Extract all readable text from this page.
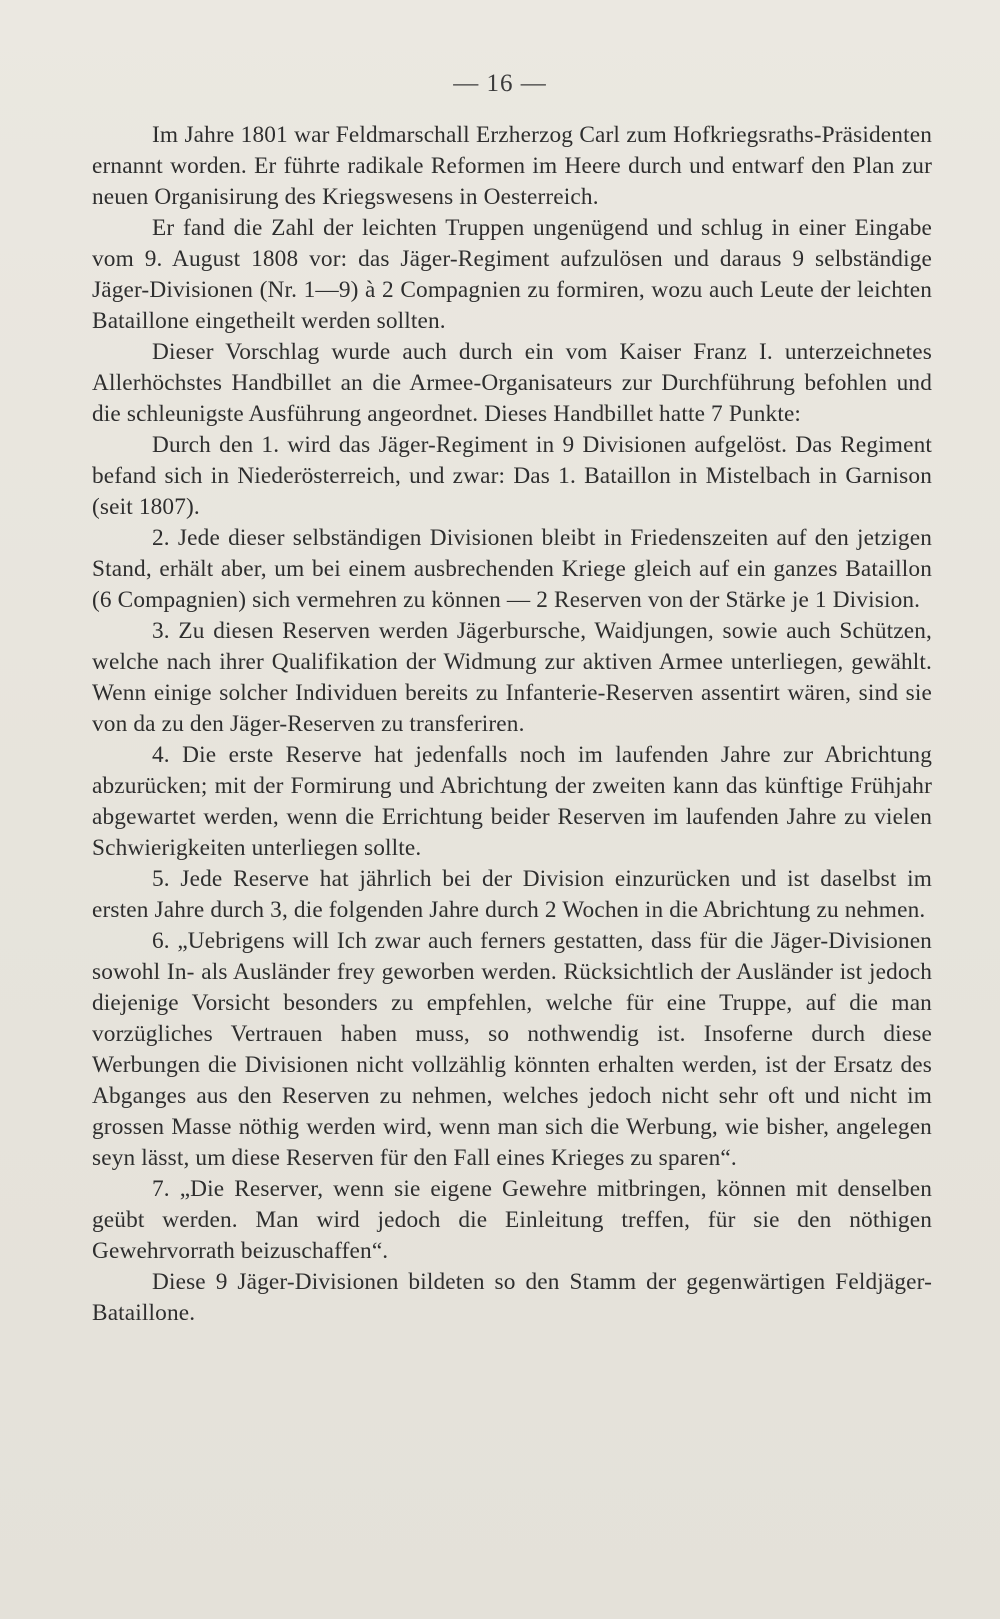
— 16 —

Im Jahre 1801 war Feldmarschall Erzherzog Carl zum Hofkriegsraths-Präsidenten ernannt worden. Er führte radikale Reformen im Heere durch und entwarf den Plan zur neuen Organisirung des Kriegswesens in Oesterreich.

Er fand die Zahl der leichten Truppen ungenügend und schlug in einer Eingabe vom 9. August 1808 vor: das Jäger-Regiment aufzulösen und daraus 9 selbständige Jäger-Divisionen (Nr. 1—9) à 2 Compagnien zu formiren, wozu auch Leute der leichten Bataillone eingetheilt werden sollten.

Dieser Vorschlag wurde auch durch ein vom Kaiser Franz I. unterzeichnetes Allerhöchstes Handbillet an die Armee-Organisateurs zur Durchführung befohlen und die schleunigste Ausführung angeordnet. Dieses Handbillet hatte 7 Punkte:

Durch den 1. wird das Jäger-Regiment in 9 Divisionen aufgelöst. Das Regiment befand sich in Niederösterreich, und zwar: Das 1. Bataillon in Mistelbach in Garnison (seit 1807).

2. Jede dieser selbständigen Divisionen bleibt in Friedenszeiten auf den jetzigen Stand, erhält aber, um bei einem ausbrechenden Kriege gleich auf ein ganzes Bataillon (6 Compagnien) sich vermehren zu können — 2 Reserven von der Stärke je 1 Division.

3. Zu diesen Reserven werden Jägerbursche, Waidjungen, sowie auch Schützen, welche nach ihrer Qualifikation der Widmung zur aktiven Armee unterliegen, gewählt. Wenn einige solcher Individuen bereits zu Infanterie-Reserven assentirt wären, sind sie von da zu den Jäger-Reserven zu transferiren.

4. Die erste Reserve hat jedenfalls noch im laufenden Jahre zur Abrichtung abzurücken; mit der Formirung und Abrichtung der zweiten kann das künftige Frühjahr abgewartet werden, wenn die Errichtung beider Reserven im laufenden Jahre zu vielen Schwierigkeiten unterliegen sollte.

5. Jede Reserve hat jährlich bei der Division einzurücken und ist daselbst im ersten Jahre durch 3, die folgenden Jahre durch 2 Wochen in die Abrichtung zu nehmen.

6. „Uebrigens will Ich zwar auch ferners gestatten, dass für die Jäger-Divisionen sowohl In- als Ausländer frey geworben werden. Rücksichtlich der Ausländer ist jedoch diejenige Vorsicht besonders zu empfehlen, welche für eine Truppe, auf die man vorzügliches Vertrauen haben muss, so nothwendig ist. Insoferne durch diese Werbungen die Divisionen nicht vollzählig könnten erhalten werden, ist der Ersatz des Abganges aus den Reserven zu nehmen, welches jedoch nicht sehr oft und nicht im grossen Masse nöthig werden wird, wenn man sich die Werbung, wie bisher, angelegen seyn lässt, um diese Reserven für den Fall eines Krieges zu sparen“.

7. „Die Reserver, wenn sie eigene Gewehre mitbringen, können mit denselben geübt werden. Man wird jedoch die Einleitung treffen, für sie den nöthigen Gewehrvorrath beizuschaffen“.

Diese 9 Jäger-Divisionen bildeten so den Stamm der gegenwärtigen Feldjäger-Bataillone.
